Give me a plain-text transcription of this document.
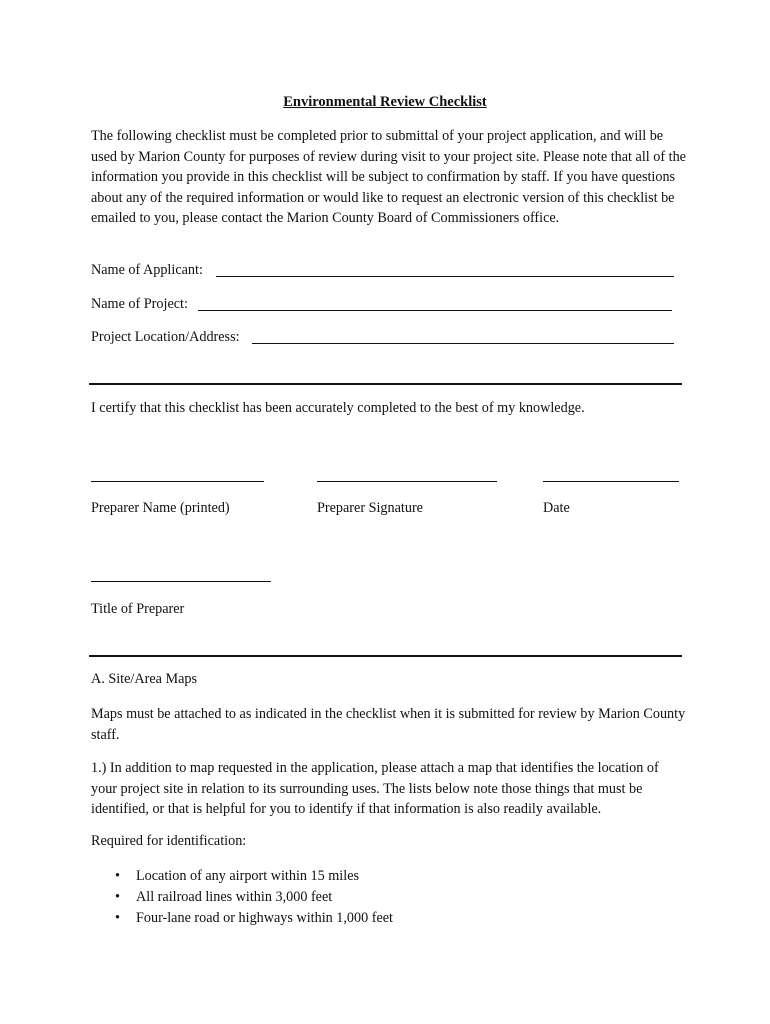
Environmental Review Checklist
The following checklist must be completed prior to submittal of your project application, and will be used by Marion County for purposes of review during visit to your project site. Please note that all of the information you provide in this checklist will be subject to confirmation by staff. If you have questions about any of the required information or would like to request an electronic version of this checklist be emailed to you, please contact the Marion County Board of Commissioners office.
Name of Applicant:
Name of Project:
Project Location/Address:
I certify that this checklist has been accurately completed to the best of my knowledge.
Preparer Name (printed)	Preparer Signature	Date
Title of Preparer
A. Site/Area Maps
Maps must be attached to as indicated in the checklist when it is submitted for review by Marion County staff.
1.) In addition to map requested in the application, please attach a map that identifies the location of your project site in relation to its surrounding uses. The lists below note those things that must be identified, or that is helpful for you to identify if that information is also readily available.
Required for identification:
• Location of any airport within 15 miles
• All railroad lines within 3,000 feet
• Four-lane road or highways within 1,000 feet
